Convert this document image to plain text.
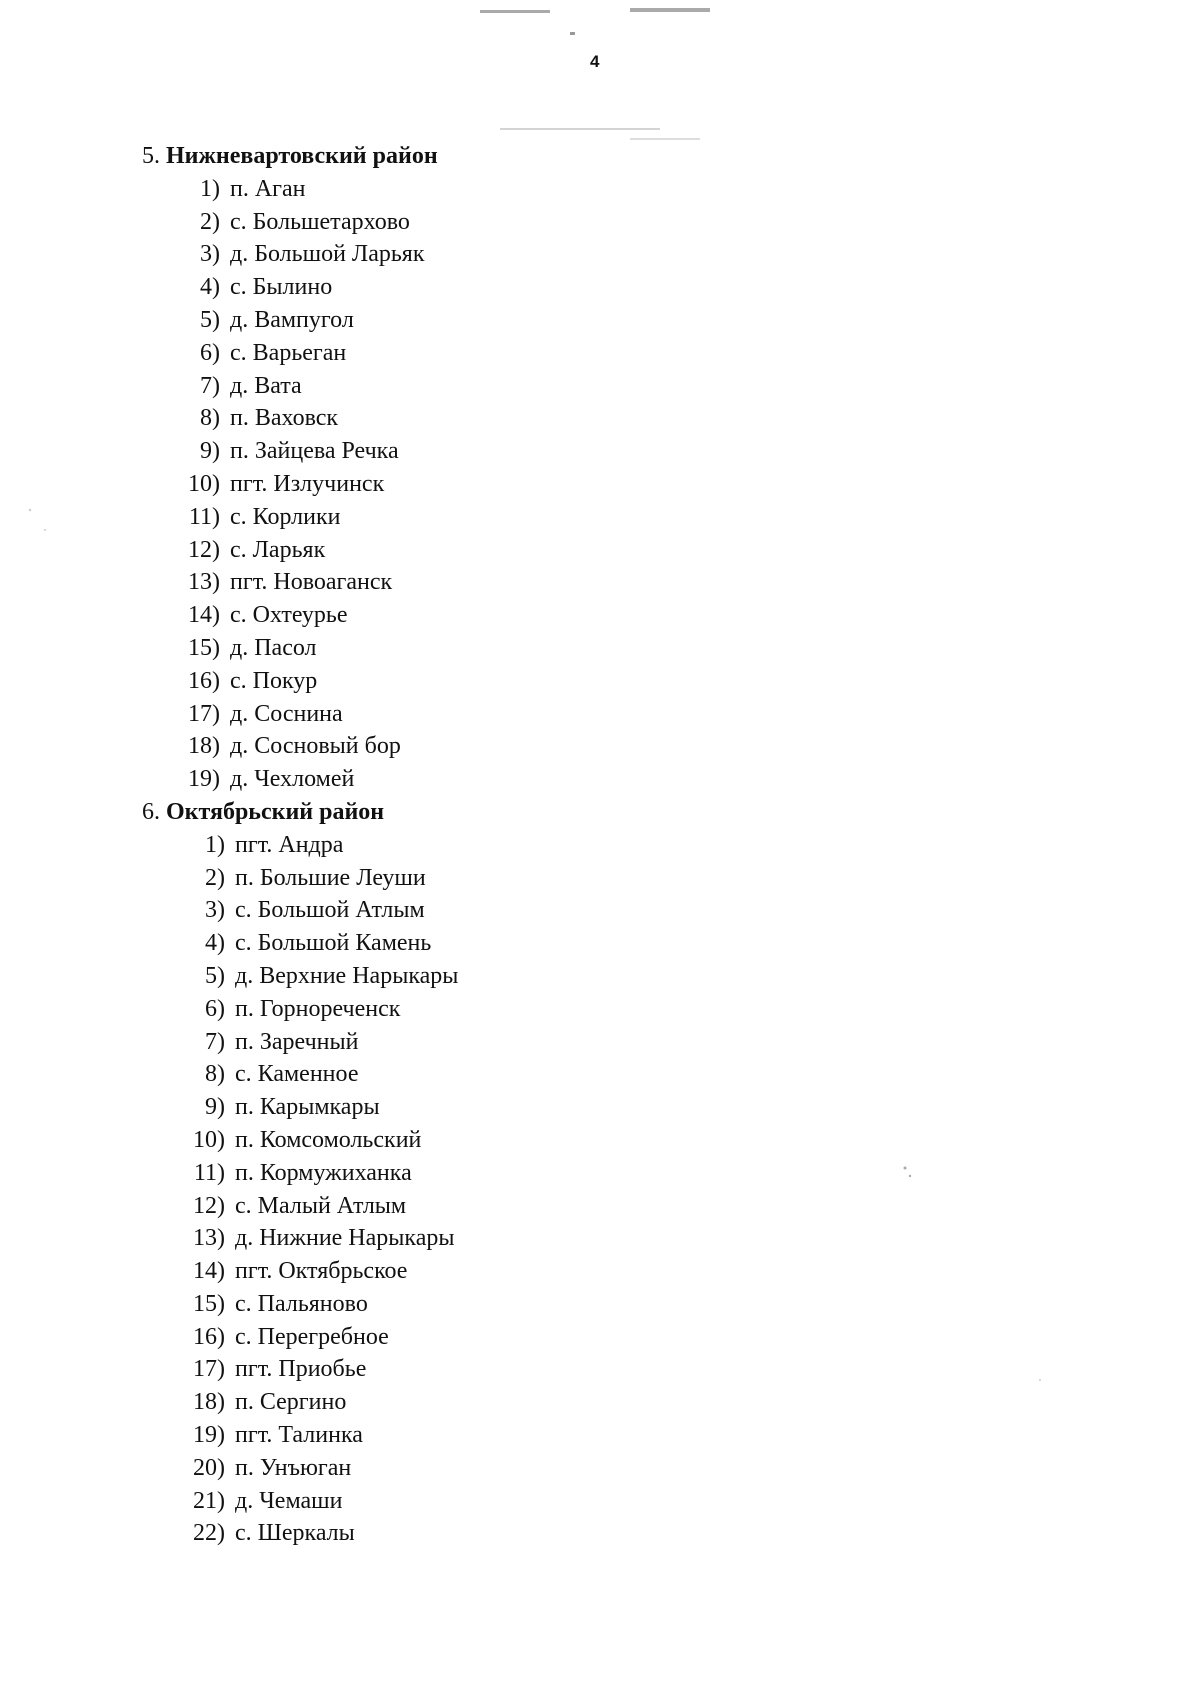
4
5. Нижневартовский район
1) п. Аган
2) с. Большетархово
3) д. Большой Ларьяк
4) с. Былино
5) д. Вампугол
6) с. Варьеган
7) д. Вата
8) п. Ваховск
9) п. Зайцева Речка
10) пгт. Излучинск
11) с. Корлики
12) с. Ларьяк
13) пгт. Новоаганск
14) с. Охтеурье
15) д. Пасол
16) с. Покур
17) д. Соснина
18) д. Сосновый бор
19) д. Чехломей
6. Октябрьский район
1) пгт. Андра
2) п. Большие Леуши
3) с. Большой Атлым
4) с. Большой Камень
5) д. Верхние Нарыкары
6) п. Горнореченск
7) п. Заречный
8) с. Каменное
9) п. Карымкары
10) п. Комсомольский
11) п. Кормужиханка
12) с. Малый Атлым
13) д. Нижние Нарыкары
14) пгт. Октябрьское
15) с. Пальяново
16) с. Перегребное
17) пгт. Приобье
18) п. Сергино
19) пгт. Талинка
20) п. Унъюган
21) д. Чемаши
22) с. Шеркалы
